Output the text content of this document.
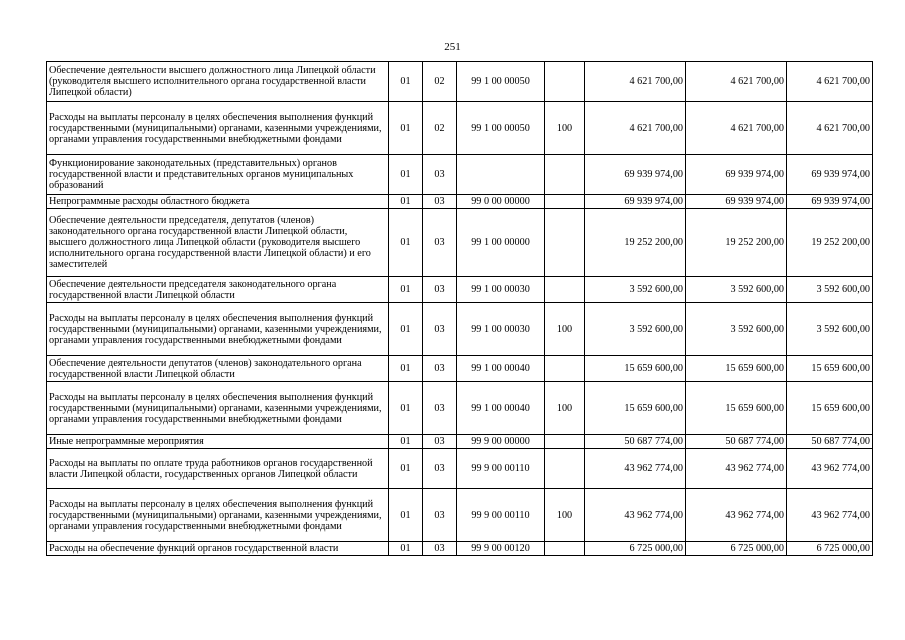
251
Обеспечение деятельности высшего должностного лица Липецкой области (руководителя высшего исполнительного органа государственной власти Липецкой области)	01	02	99 1 00 00050		4 621 700,00	4 621 700,00	4 621 700,00
Расходы на выплаты персоналу в целях обеспечения выполнения функций государственными (муниципальными) органами, казенными учреждениями, органами управления государственными внебюджетными фондами	01	02	99 1 00 00050	100	4 621 700,00	4 621 700,00	4 621 700,00
Функционирование законодательных (представительных) органов государственной власти и представительных органов муниципальных образований	01	03			69 939 974,00	69 939 974,00	69 939 974,00
Непрограммные расходы областного бюджета	01	03	99 0 00 00000		69 939 974,00	69 939 974,00	69 939 974,00
Обеспечение деятельности председателя, депутатов (членов) законодательного органа государственной власти Липецкой области, высшего должностного лица Липецкой области (руководителя высшего исполнительного органа государственной власти Липецкой области) и его заместителей	01	03	99 1 00 00000		19 252 200,00	19 252 200,00	19 252 200,00
Обеспечение деятельности председателя законодательного органа государственной власти Липецкой области	01	03	99 1 00 00030		3 592 600,00	3 592 600,00	3 592 600,00
Расходы на выплаты персоналу в целях обеспечения выполнения функций государственными (муниципальными) органами, казенными учреждениями, органами управления государственными внебюджетными фондами	01	03	99 1 00 00030	100	3 592 600,00	3 592 600,00	3 592 600,00
Обеспечение деятельности депутатов (членов) законодательного органа государственной власти Липецкой области	01	03	99 1 00 00040		15 659 600,00	15 659 600,00	15 659 600,00
Расходы на выплаты персоналу в целях обеспечения выполнения функций государственными (муниципальными) органами, казенными учреждениями, органами управления государственными внебюджетными фондами	01	03	99 1 00 00040	100	15 659 600,00	15 659 600,00	15 659 600,00
Иные непрограммные мероприятия	01	03	99 9 00 00000		50 687 774,00	50 687 774,00	50 687 774,00
Расходы на выплаты по оплате труда работников органов государственной власти Липецкой области, государственных органов Липецкой области	01	03	99 9 00 00110		43 962 774,00	43 962 774,00	43 962 774,00
Расходы на выплаты персоналу в целях обеспечения выполнения функций государственными (муниципальными) органами, казенными учреждениями, органами управления государственными внебюджетными фондами	01	03	99 9 00 00110	100	43 962 774,00	43 962 774,00	43 962 774,00
Расходы на обеспечение функций органов государственной власти	01	03	99 9 00 00120		6 725 000,00	6 725 000,00	6 725 000,00
